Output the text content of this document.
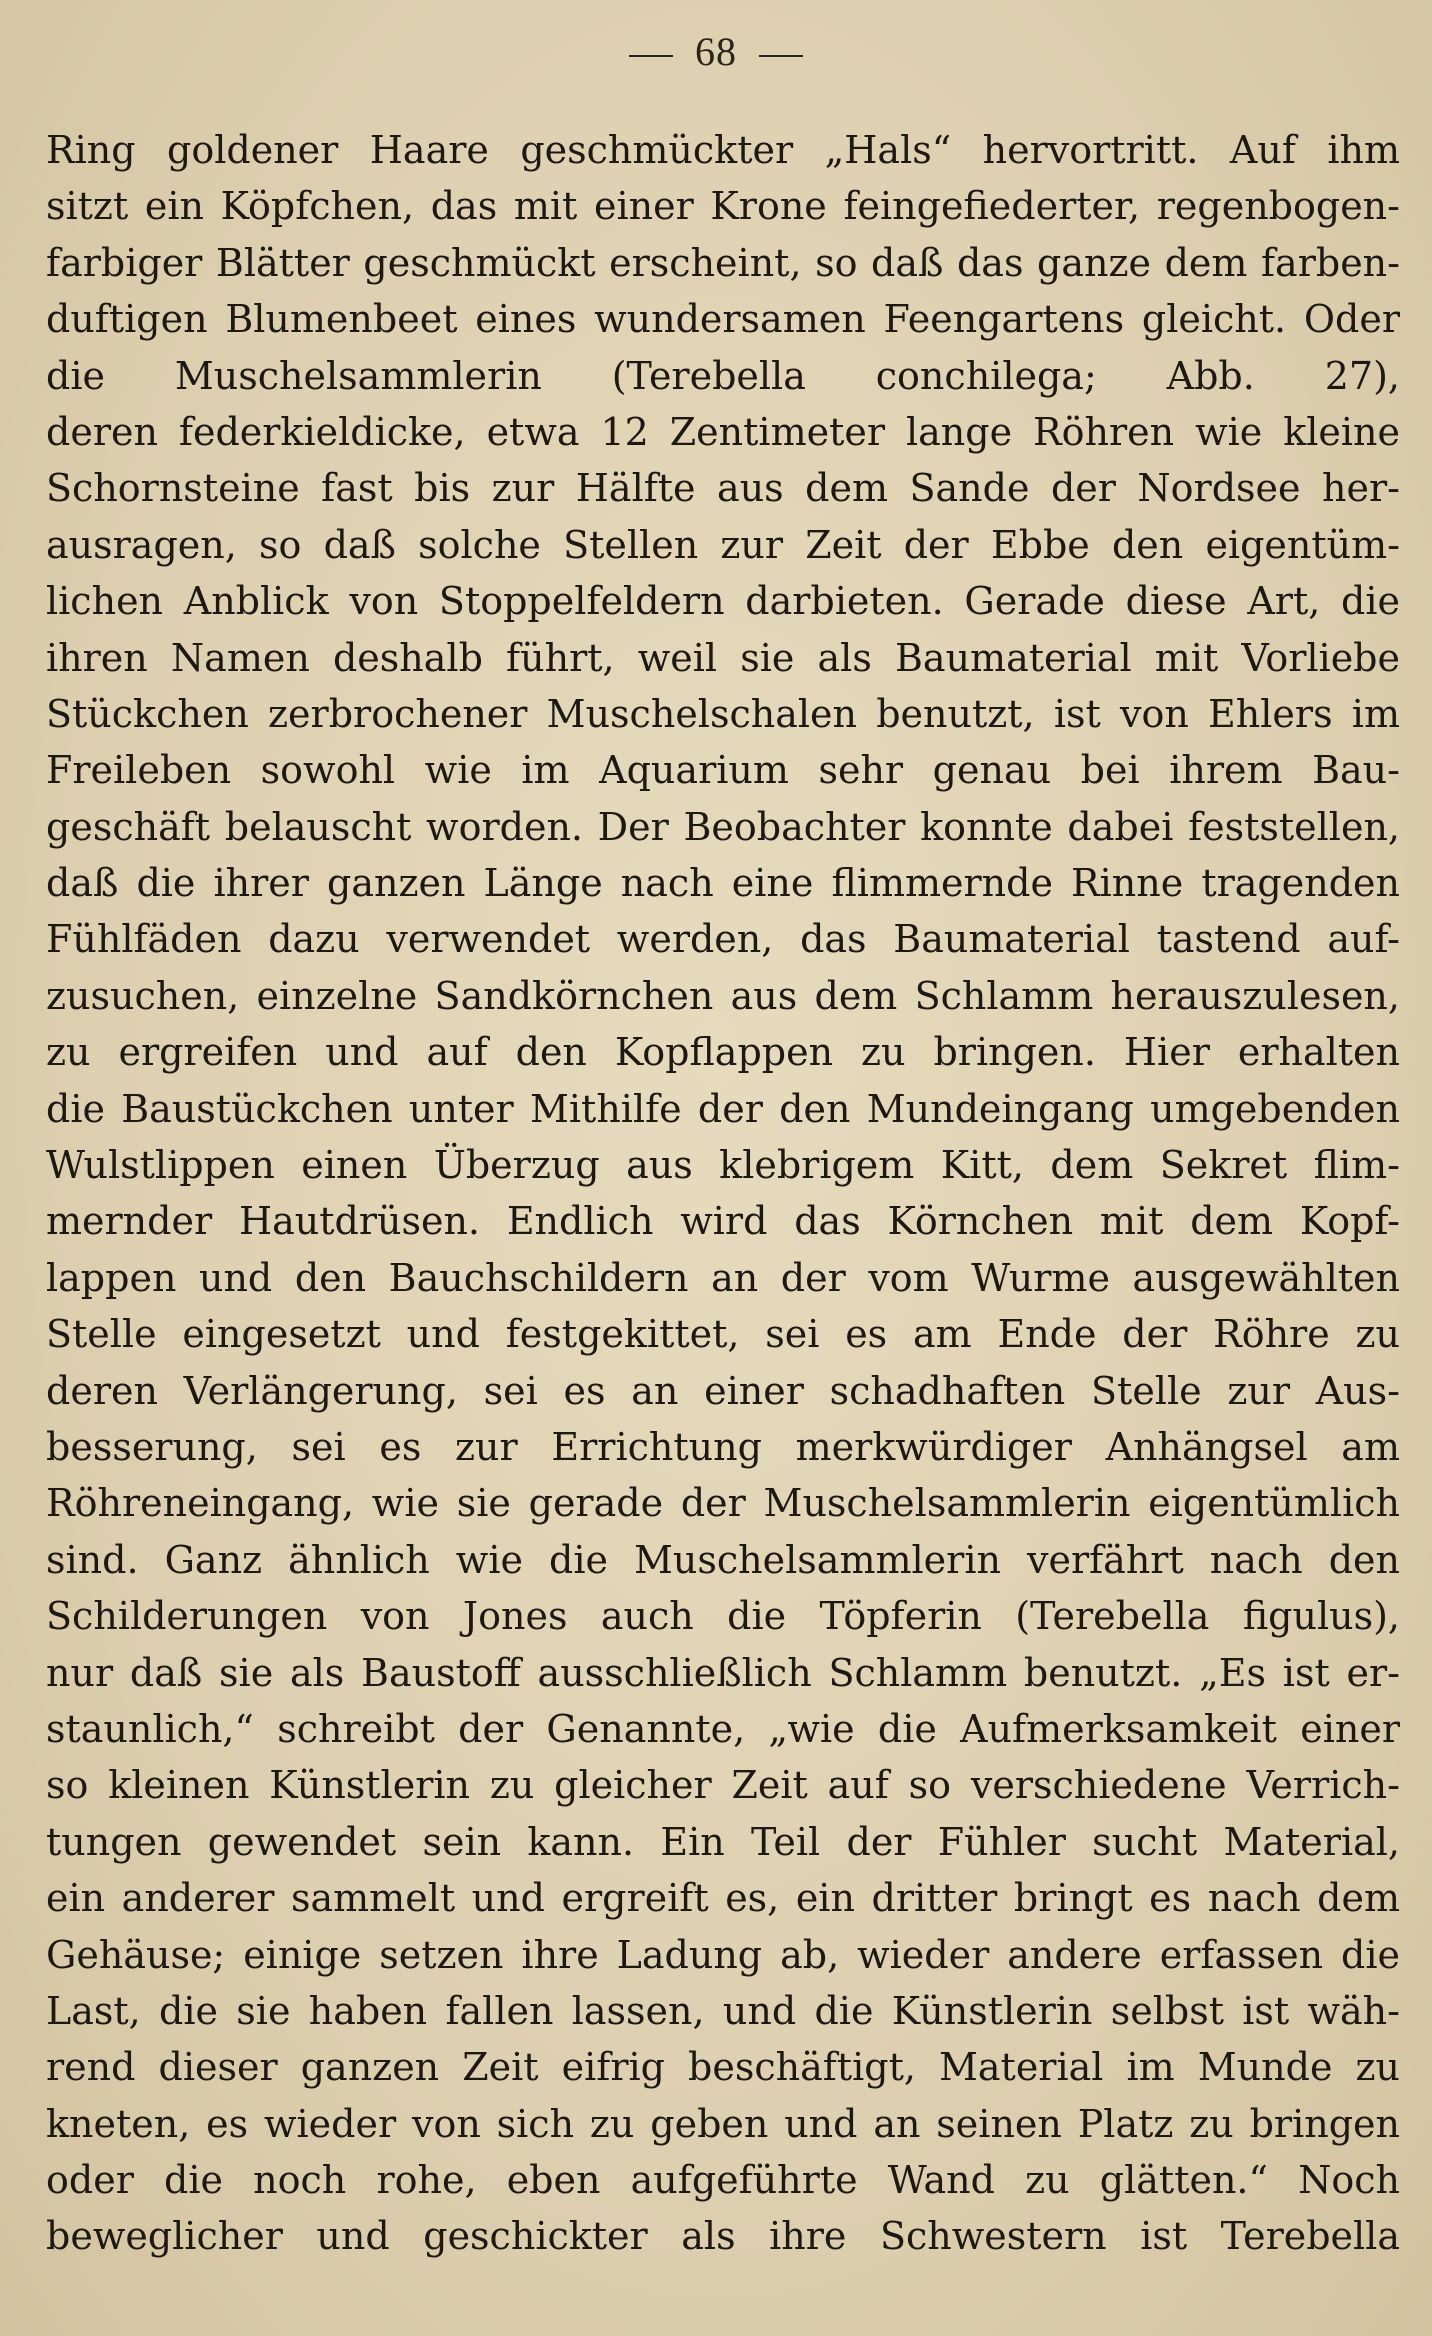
68
Ring goldener Haare geschmückter „Hals“ hervortritt. Auf ihm
sitzt ein Köpfchen, das mit einer Krone feingefiederter, regenbogen-
farbiger Blätter geschmückt erscheint, so daß das ganze dem farben-
duftigen Blumenbeet eines wundersamen Feengartens gleicht. Oder
die Muschelsammlerin (Terebella conchilega; Abb. 27),
deren federkieldicke, etwa 12 Zentimeter lange Röhren wie kleine
Schornsteine fast bis zur Hälfte aus dem Sande der Nordsee her-
ausragen, so daß solche Stellen zur Zeit der Ebbe den eigentüm-
lichen Anblick von Stoppelfeldern darbieten. Gerade diese Art, die
ihren Namen deshalb führt, weil sie als Baumaterial mit Vorliebe
Stückchen zerbrochener Muschelschalen benutzt, ist von Ehlers im
Freileben sowohl wie im Aquarium sehr genau bei ihrem Bau-
geschäft belauscht worden. Der Beobachter konnte dabei feststellen,
daß die ihrer ganzen Länge nach eine flimmernde Rinne tragenden
Fühlfäden dazu verwendet werden, das Baumaterial tastend auf-
zusuchen, einzelne Sandkörnchen aus dem Schlamm herauszulesen,
zu ergreifen und auf den Kopflappen zu bringen. Hier erhalten
die Baustückchen unter Mithilfe der den Mundeingang umgebenden
Wulstlippen einen Überzug aus klebrigem Kitt, dem Sekret flim-
mernder Hautdrüsen. Endlich wird das Körnchen mit dem Kopf-
lappen und den Bauchschildern an der vom Wurme ausgewählten
Stelle eingesetzt und festgekittet, sei es am Ende der Röhre zu
deren Verlängerung, sei es an einer schadhaften Stelle zur Aus-
besserung, sei es zur Errichtung merkwürdiger Anhängsel am
Röhreneingang, wie sie gerade der Muschelsammlerin eigentümlich
sind. Ganz ähnlich wie die Muschelsammlerin verfährt nach den
Schilderungen von Jones auch die Töpferin (Terebella figulus),
nur daß sie als Baustoff ausschließlich Schlamm benutzt. „Es ist er-
staunlich,“ schreibt der Genannte, „wie die Aufmerksamkeit einer
so kleinen Künstlerin zu gleicher Zeit auf so verschiedene Verrich-
tungen gewendet sein kann. Ein Teil der Fühler sucht Material,
ein anderer sammelt und ergreift es, ein dritter bringt es nach dem
Gehäuse; einige setzen ihre Ladung ab, wieder andere erfassen die
Last, die sie haben fallen lassen, und die Künstlerin selbst ist wäh-
rend dieser ganzen Zeit eifrig beschäftigt, Material im Munde zu
kneten, es wieder von sich zu geben und an seinen Platz zu bringen
oder die noch rohe, eben aufgeführte Wand zu glätten.“ Noch
beweglicher und geschickter als ihre Schwestern ist Terebella
